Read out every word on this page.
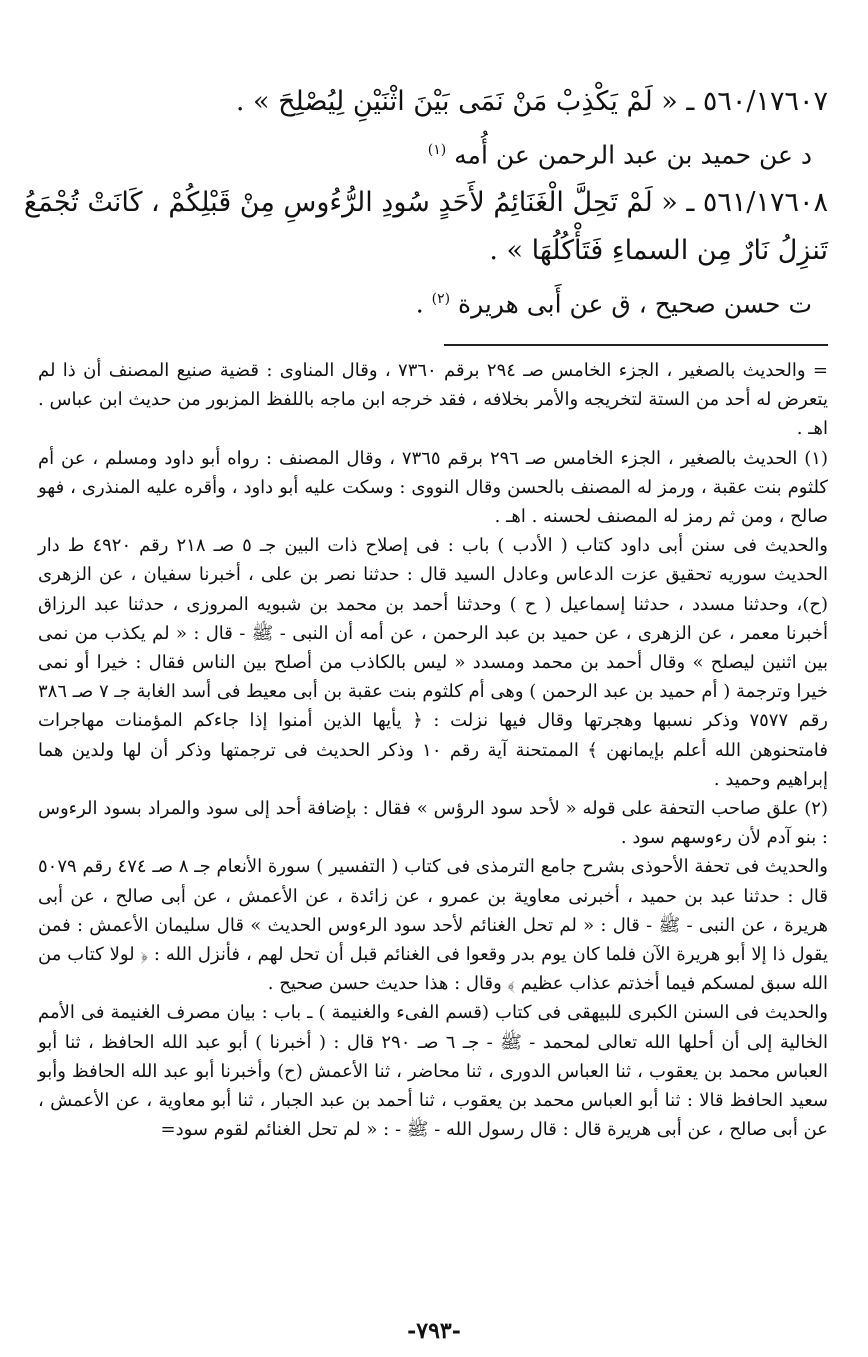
٥٦٠/١٧٦٠٧ ـ « لَمْ يَكْذِبْ مَنْ نَمَى بَيْنَ اثْنَيْنِ لِيُصْلِحَ » .

د عن حميد بن عبد الرحمن عن أُمه $^{(١)}$

٥٦١/١٧٦٠٨ ـ « لَمْ تَحِلَّ الْغَنَائِمُ لأَحَدٍ سُودِ الرُّءُوسِ مِنْ قَبْلِكُمْ ، كَانَتْ تُجْمَعُ

تَنزِلُ نَارٌ مِن السماءِ فَتَأْكُلُهَا » .

ت حسن صحيح ، ق عن أَبى هريرة $^{(٢)}$ .

= والحديث بالصغير ، الجزء الخامس صـ ٢٩٤ برقم ٧٣٦٠ ، وقال المناوى : قضية صنيع المصنف أن ذا لم يتعرض له أحد من الستة لتخريجه والأمر بخلافه ، فقد خرجه ابن ماجه باللفظ المزبور من حديث ابن عباس . اهـ .

(١) الحديث بالصغير ، الجزء الخامس صـ ٢٩٦ برقم ٧٣٦٥ ، وقال المصنف : رواه أبو داود ومسلم ، عن أم كلثوم بنت عقبة ، ورمز له المصنف بالحسن وقال النووى : وسكت عليه أبو داود ، وأقره عليه المنذرى ، فهو صالح ، ومن ثم رمز له المصنف لحسنه . اهـ .

والحديث فى سنن أبى داود كتاب ( الأدب ) باب : فى إصلاح ذات البين جـ ٥ صـ ٢١٨ رقم ٤٩٢٠ ط دار الحديث سوريه تحقيق عزت الدعاس وعادل السيد قال : حدثنا نصر بن على ، أخبرنا سفيان ، عن الزهرى (ح)، وحدثنا مسدد ، حدثنا إسماعيل ( ح ) وحدثنا أحمد بن محمد بن شبويه المروزى ، حدثنا عبد الرزاق أخبرنا معمر ، عن الزهرى ، عن حميد بن عبد الرحمن ، عن أمه أن النبى - ﷺ - قال : « لم يكذب من نمى بين اثنين ليصلح » وقال أحمد بن محمد ومسدد « ليس بالكاذب من أصلح بين الناس فقال : خيرا أو نمى خيرا وترجمة ( أم حميد بن عبد الرحمن ) وهى أم كلثوم بنت عقبة بن أبى معيط فى أسد الغابة جـ ٧ صـ ٣٨٦ رقم ٧٥٧٧ وذكر نسبها وهجرتها وقال فيها نزلت : ﴿ يأيها الذين أمنوا إذا جاءكم المؤمنات مهاجرات فامتحنوهن الله أعلم بإيمانهن ﴾ الممتحنة آية رقم ١٠ وذكر الحديث فى ترجمتها وذكر أن لها ولدين هما إبراهيم وحميد .

(٢) علق صاحب التحفة على قوله « لأحد سود الرؤس » فقال : بإضافة أحد إلى سود والمراد بسود الرءوس : بنو آدم لأن رءوسهم سود .

والحديث فى تحفة الأحوذى بشرح جامع الترمذى فى كتاب ( التفسير ) سورة الأنعام جـ ٨ صـ ٤٧٤ رقم ٥٠٧٩ قال : حدثنا عبد بن حميد ، أخبرنى معاوية بن عمرو ، عن زائدة ، عن الأعمش ، عن أبى صالح ، عن أبى هريرة ، عن النبى - ﷺ - قال : « لم تحل الغنائم لأحد سود الرءوس الحديث » قال سليمان الأعمش : فمن يقول ذا إلا أبو هريرة الآن فلما كان يوم بدر وقعوا فى الغنائم قبل أن تحل لهم ، فأنزل الله : ﴿ لولا كتاب من الله سبق لمسكم فيما أخذتم عذاب عظيم ﴾ وقال : هذا حديث حسن صحيح .

والحديث فى السنن الكبرى للبيهقى فى كتاب (قسم الفىء والغنيمة ) ـ باب : بيان مصرف الغنيمة فى الأمم الخالية إلى أن أحلها الله تعالى لمحمد - ﷺ - جـ ٦ صـ ٢٩٠ قال : ( أخبرنا ) أبو عبد الله الحافظ ، ثنا أبو العباس محمد بن يعقوب ، ثنا العباس الدورى ، ثنا محاضر ، ثنا الأعمش (ح) وأخبرنا أبو عبد الله الحافظ وأبو سعيد الحافظ قالا : ثنا أبو العباس محمد بن يعقوب ، ثنا أحمد بن عبد الجبار ، ثنا أبو معاوية ، عن الأعمش ، عن أبى صالح ، عن أبى هريرة قال : قال رسول الله - ﷺ - : « لم تحل الغنائم لقوم سود=

-٧٩٣-
